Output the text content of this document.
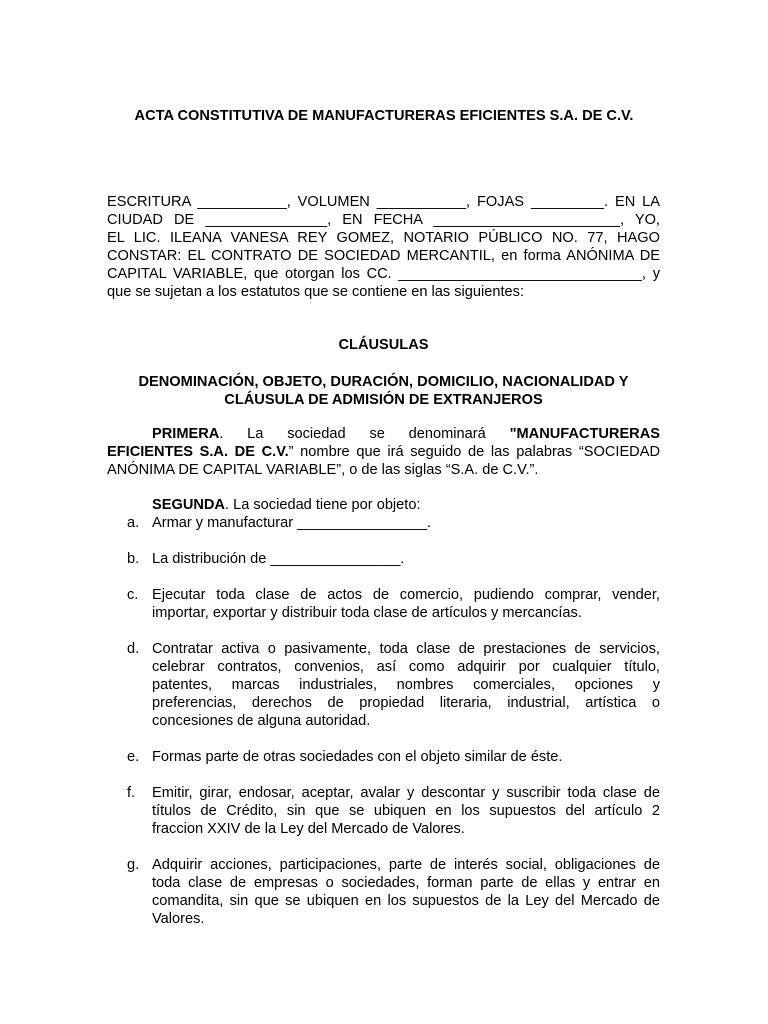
ACTA CONSTITUTIVA DE MANUFACTURERAS EFICIENTES S.A. DE C.V.

ESCRITURA ___________, VOLUMEN ___________, FOJAS _________. EN LA
CIUDAD DE _______________, EN FECHA _______________________, YO,
EL LIC. ILEANA VANESA REY GOMEZ, NOTARIO PÚBLICO NO. 77, HAGO
CONSTAR: EL CONTRATO DE SOCIEDAD MERCANTIL, en forma ANÓNIMA DE
CAPITAL VARIABLE, que otorgan los CC. ______________________________, y
que se sujetan a los estatutos que se contiene en las siguientes:

CLÁUSULAS

DENOMINACIÓN, OBJETO, DURACIÓN, DOMICILIO, NACIONALIDAD Y
CLÁUSULA DE ADMISIÓN DE EXTRANJEROS
PRIMERA. La sociedad se denominará "MANUFACTURERAS
EFICIENTES S.A. DE C.V.” nombre que irá seguido de las palabras “SOCIEDAD
ANÓNIMA DE CAPITAL VARIABLE”, o de las siglas “S.A. de C.V.”.
SEGUNDA. La sociedad tiene por objeto:
a. Armar y manufacturar ________________.
b. La distribución de ________________.
c. Ejecutar toda clase de actos de comercio, pudiendo comprar, vender,
importar, exportar y distribuir toda clase de artículos y mercancías.
d. Contratar activa o pasivamente, toda clase de prestaciones de servicios,
celebrar contratos, convenios, así como adquirir por cualquier título,
patentes, marcas industriales, nombres comerciales, opciones y
preferencias, derechos de propiedad literaria, industrial, artística o
concesiones de alguna autoridad.
e. Formas parte de otras sociedades con el objeto similar de éste.
f. Emitir, girar, endosar, aceptar, avalar y descontar y suscribir toda clase de
títulos de Crédito, sin que se ubiquen en los supuestos del artículo 2
fraccion XXIV de la Ley del Mercado de Valores.
g. Adquirir acciones, participaciones, parte de interés social, obligaciones de
toda clase de empresas o sociedades, forman parte de ellas y entrar en
comandita, sin que se ubiquen en los supuestos de la Ley del Mercado de
Valores.
